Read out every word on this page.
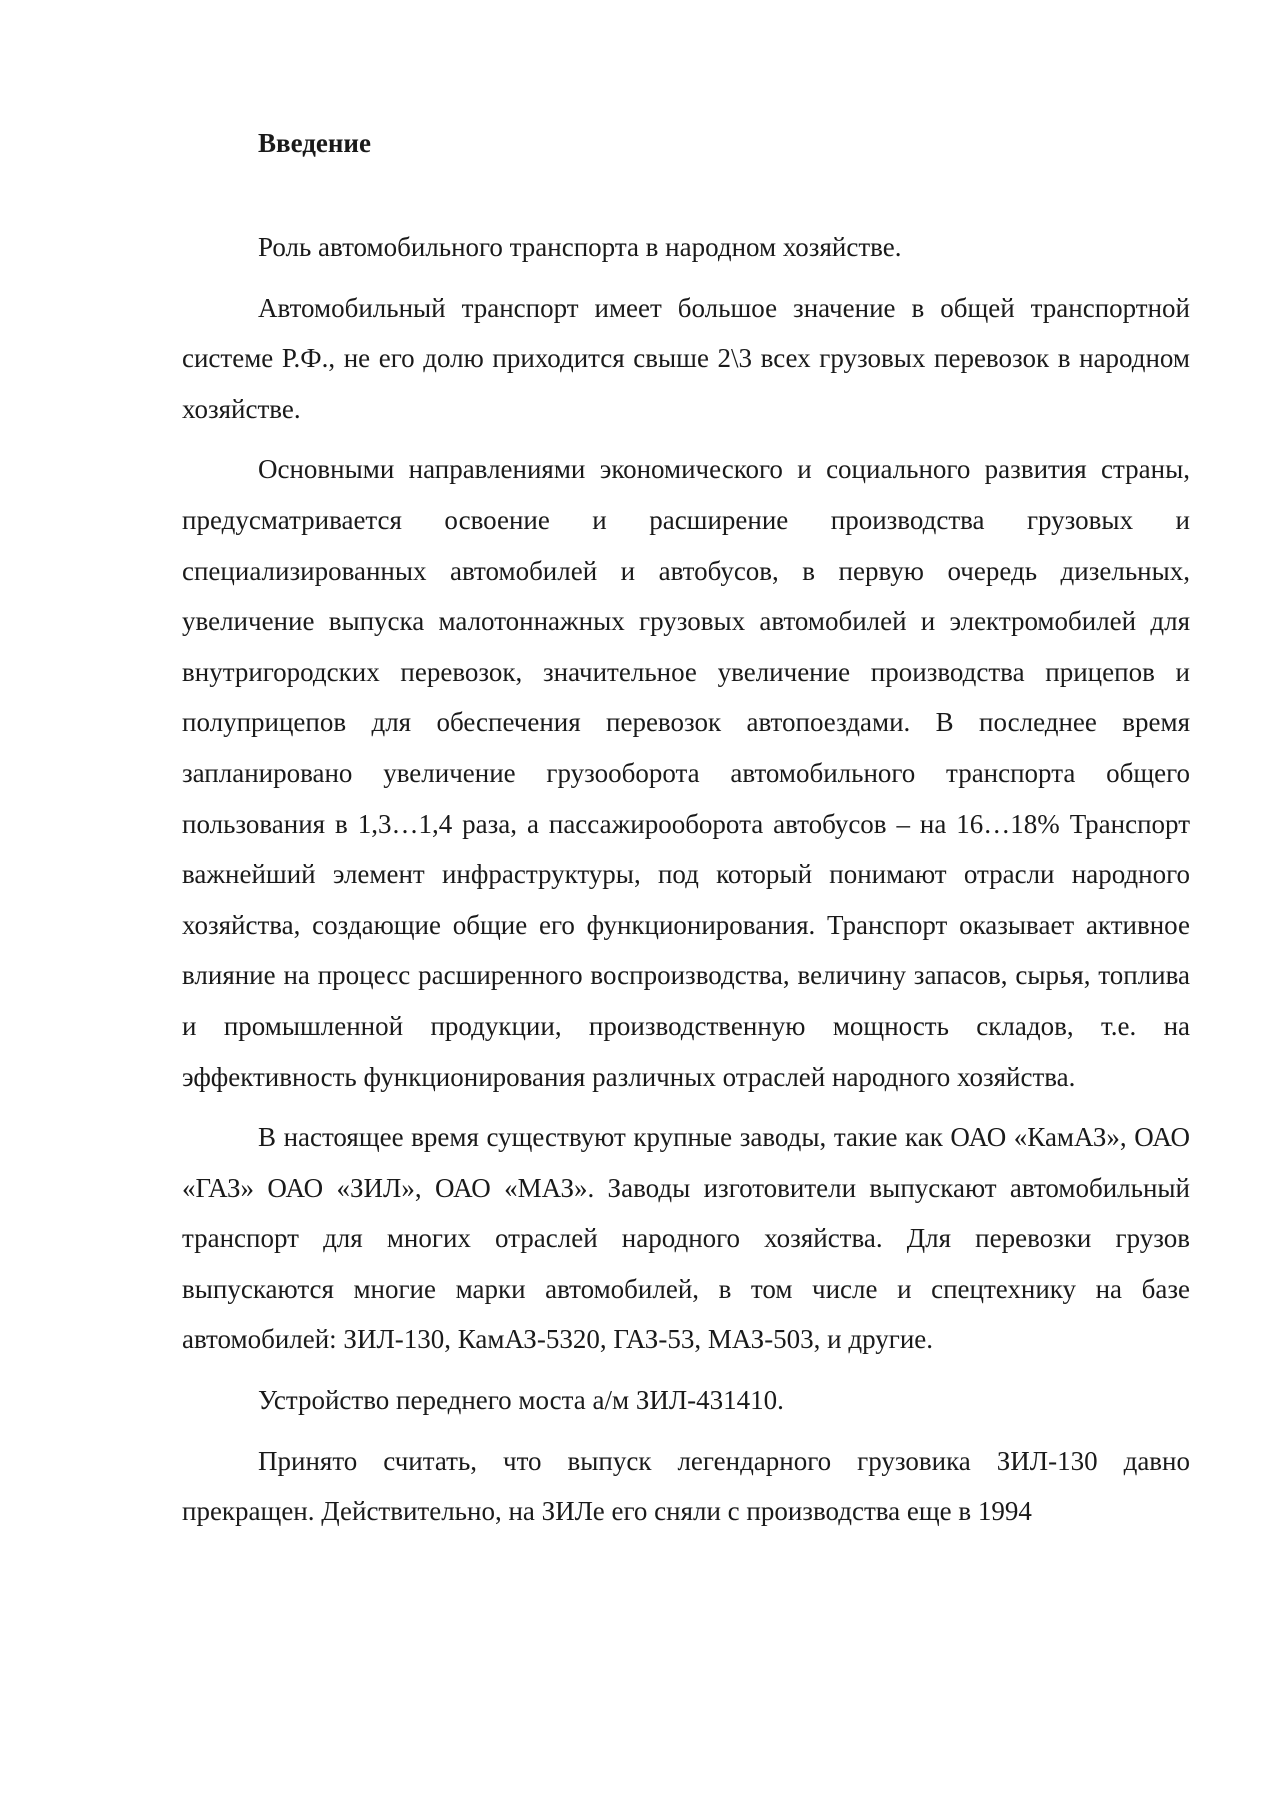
Введение

Роль автомобильного транспорта в народном хозяйстве.

Автомобильный транспорт имеет большое значение в общей транспортной системе Р.Ф., не его долю приходится свыше 2\3 всех грузовых перевозок в народном хозяйстве.

Основными направлениями экономического и социального развития страны, предусматривается освоение и расширение производства грузовых и специализированных автомобилей и автобусов, в первую очередь дизельных, увеличение выпуска малотоннажных грузовых автомобилей и электромобилей для внутригородских перевозок, значительное увеличение производства прицепов и полуприцепов для обеспечения перевозок автопоездами. В последнее время запланировано увеличение грузооборота автомобильного транспорта общего пользования в 1,3…1,4 раза, а пассажирооборота автобусов – на 16…18% Транспорт важнейший элемент инфраструктуры, под который понимают отрасли народного хозяйства, создающие общие его функционирования. Транспорт оказывает активное влияние на процесс расширенного воспроизводства, величину запасов, сырья, топлива и промышленной продукции, производственную мощность складов, т.е. на эффективность функционирования различных отраслей народного хозяйства.

В настоящее время существуют крупные заводы, такие как ОАО «КамАЗ», ОАО «ГАЗ» ОАО «ЗИЛ», ОАО «МАЗ». Заводы изготовители выпускают автомобильный транспорт для многих отраслей народного хозяйства. Для перевозки грузов выпускаются многие марки автомобилей, в том числе и спецтехнику на базе автомобилей: ЗИЛ-130, КамАЗ-5320, ГАЗ-53, МАЗ-503, и другие.

Устройство переднего моста а/м ЗИЛ-431410.

Принято считать, что выпуск легендарного грузовика ЗИЛ-130 давно прекращен. Действительно, на ЗИЛе его сняли с производства еще в 1994
